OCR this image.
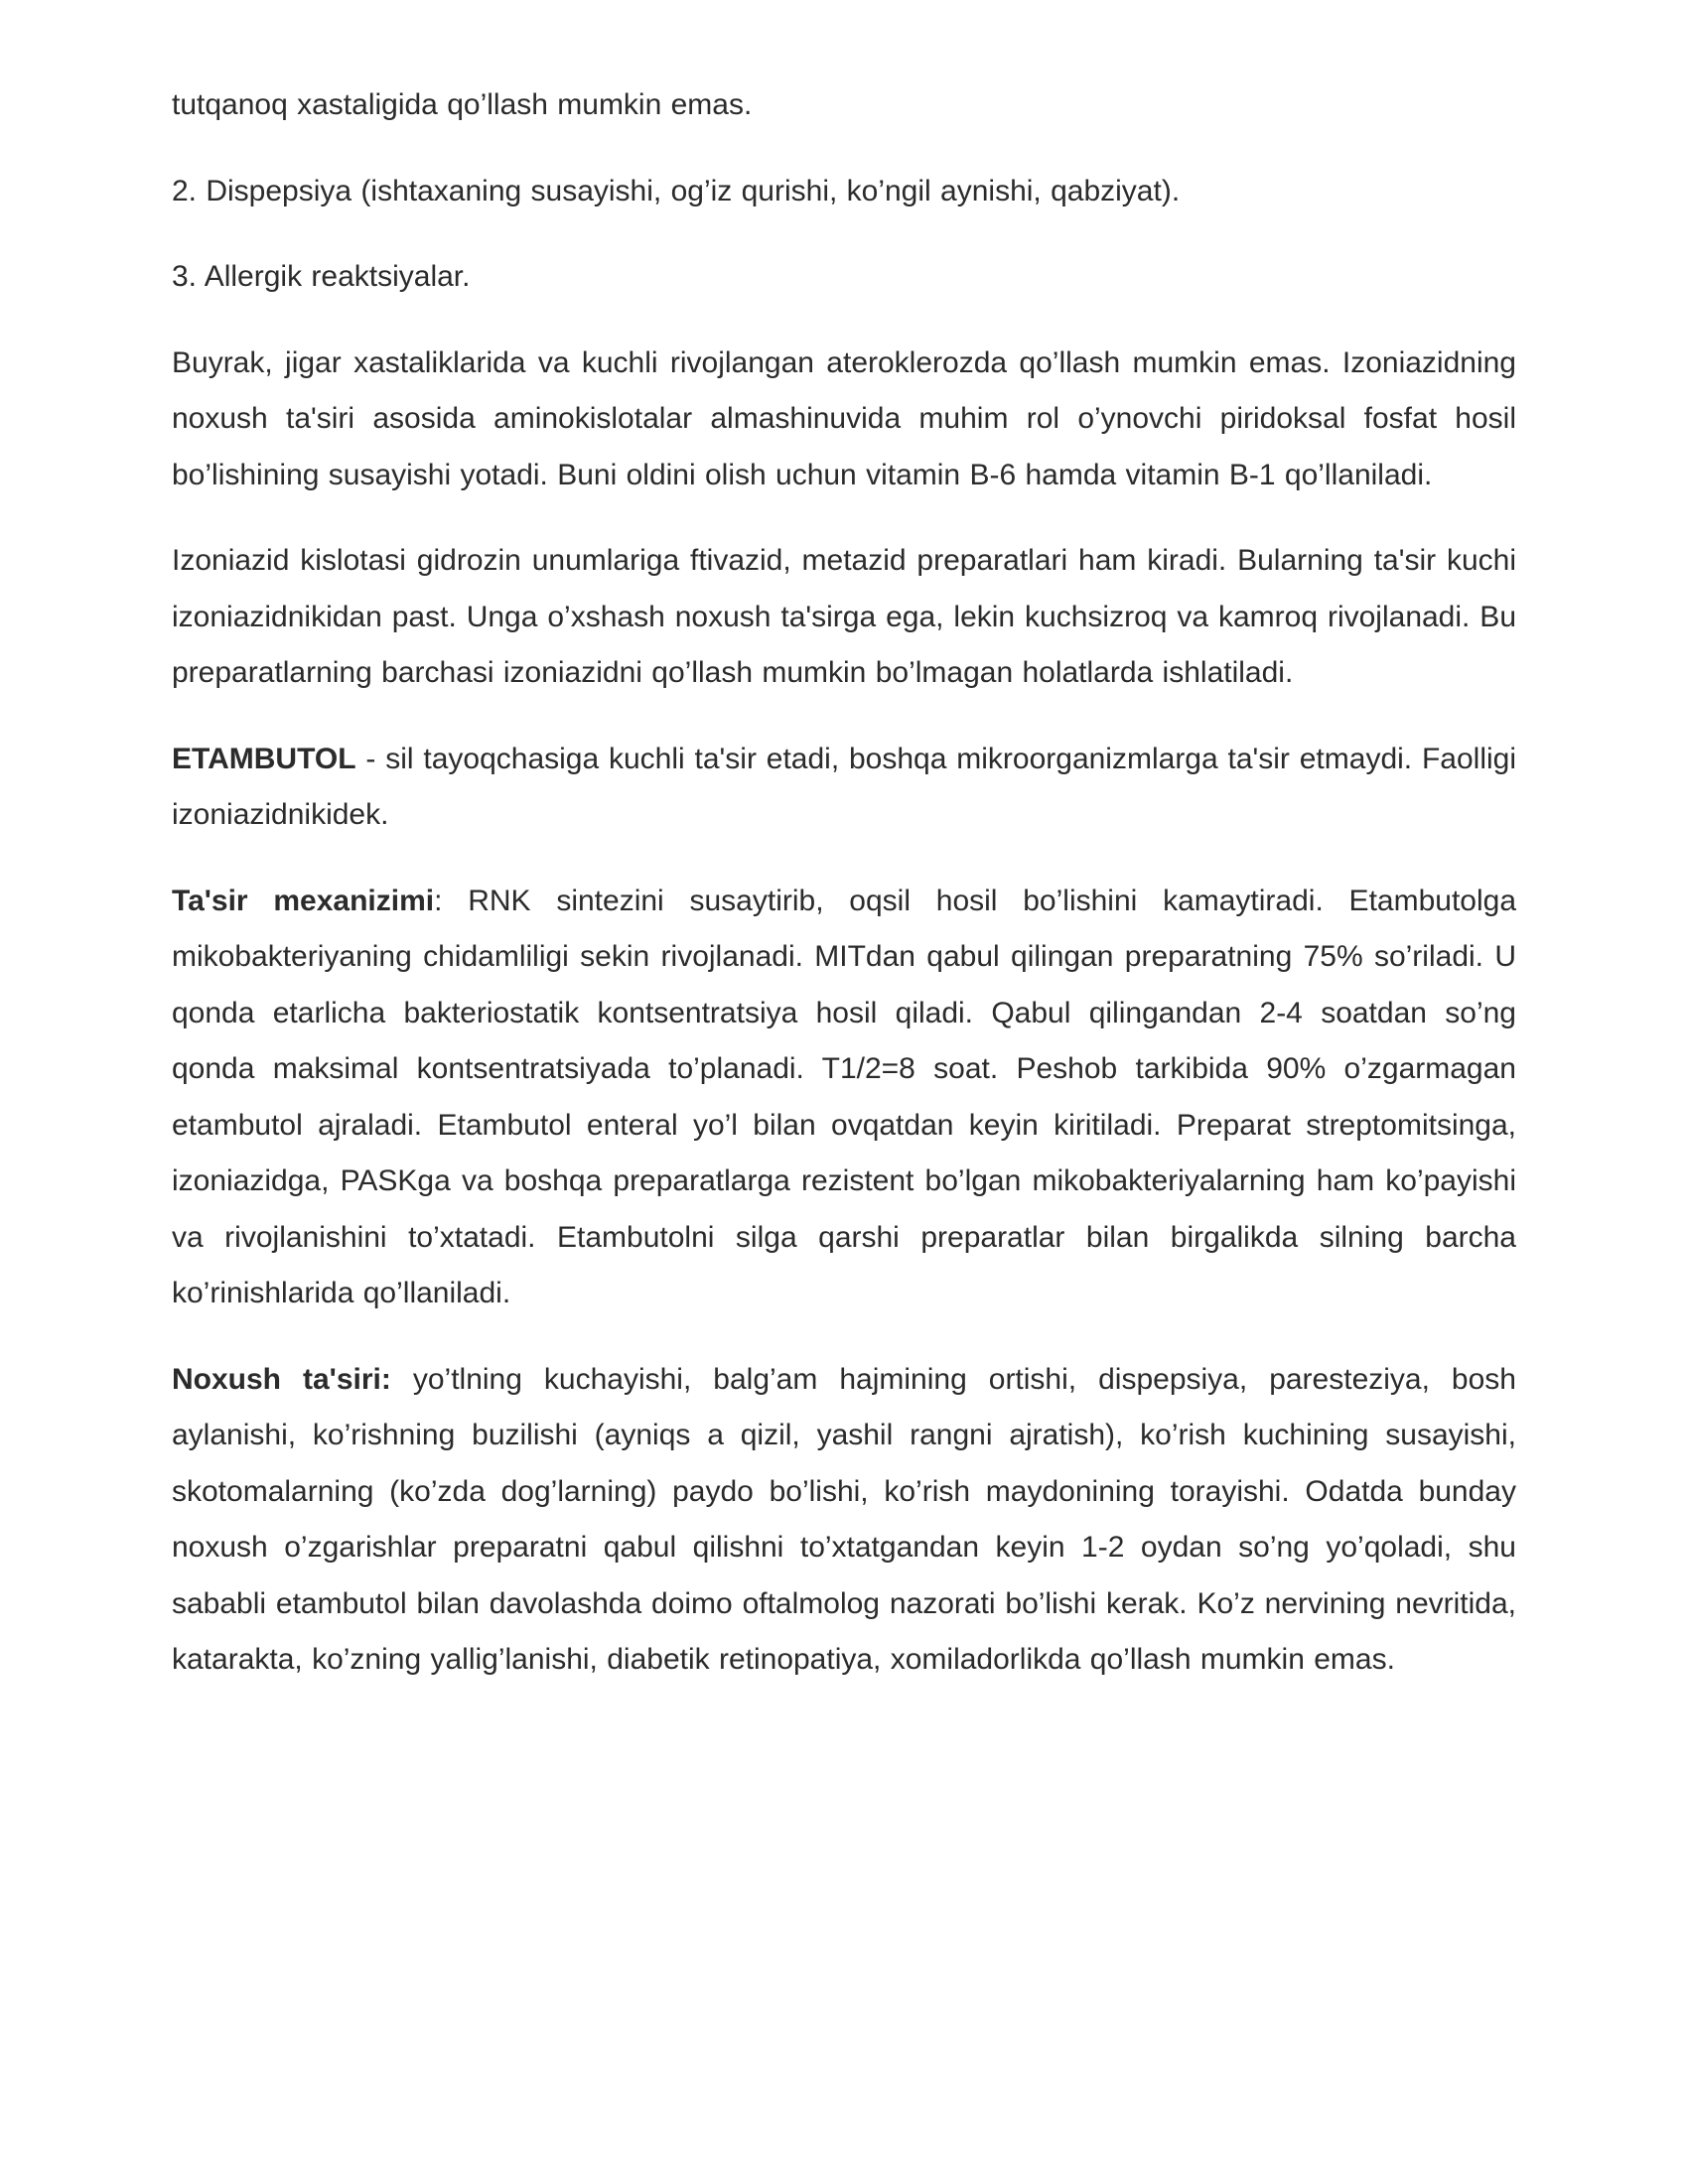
tutqanoq xastaligida qo’llash mumkin emas.

2. Dispepsiya (ishtaxaning susayishi, og’iz qurishi, ko’ngil aynishi, qabziyat).

3. Allergik reaktsiyalar.

Buyrak, jigar xastaliklarida va kuchli rivojlangan ateroklerozda qo’llash mumkin emas. Izoniazidning noxush ta'siri asosida aminokislotalar almashinuvida muhim rol o’ynovchi piridoksal fosfat hosil bo’lishining susayishi yotadi. Buni oldini olish uchun vitamin B-6 hamda vitamin B-1 qo’llaniladi.

Izoniazid kislotasi gidrozin unumlariga ftivazid, metazid preparatlari ham kiradi. Bularning ta'sir kuchi izoniazidnikidan past. Unga o’xshash noxush ta'sirga ega, lekin kuchsizroq va kamroq rivojlanadi. Bu preparatlarning barchasi izoniazidni qo’llash mumkin bo’lmagan holatlarda ishlatiladi.

ETAMBUTOL - sil tayoqchasiga kuchli ta'sir etadi, boshqa mikroorganizmlarga ta'sir etmaydi. Faolligi izoniazidnikidek.

Ta'sir mexanizimi: RNK sintezini susaytirib, oqsil hosil bo’lishini kamaytiradi. Etambutolga mikobakteriyaning chidamliligi sekin rivojlanadi. MITdan qabul qilingan preparatning 75% so’riladi. U qonda etarlicha bakteriostatik kontsentratsiya hosil qiladi. Qabul qilingandan 2-4 soatdan so’ng qonda maksimal kontsentratsiyada to’planadi. T1/2=8 soat. Peshob tarkibida 90% o’zgarmagan etambutol ajraladi. Etambutol enteral yo’l bilan ovqatdan keyin kiritiladi. Preparat streptomitsinga, izoniazidga, PASKga va boshqa preparatlarga rezistent bo’lgan mikobakteriyalarning ham ko’payishi va rivojlanishini to’xtatadi. Etambutolni silga qarshi preparatlar bilan birgalikda silning barcha ko’rinishlarida qo’llaniladi.

Noxush ta'siri: yo’tlning kuchayishi, balg’am hajmining ortishi, dispepsiya, paresteziya, bosh aylanishi, ko’rishning buzilishi (ayniqs a qizil, yashil rangni ajratish), ko’rish kuchining susayishi, skotomalarning (ko’zda dog’larning) paydo bo’lishi, ko’rish maydonining torayishi. Odatda bunday noxush o’zgarishlar preparatni qabul qilishni to’xtatgandan keyin 1-2 oydan so’ng yo’qoladi, shu sababli etambutol bilan davolashda doimo oftalmolog nazorati bo’lishi kerak. Ko’z nervining nevritida, katarakta, ko’zning yallig’lanishi, diabetik retinopatiya, xomiladorlikda qo’llash mumkin emas.
